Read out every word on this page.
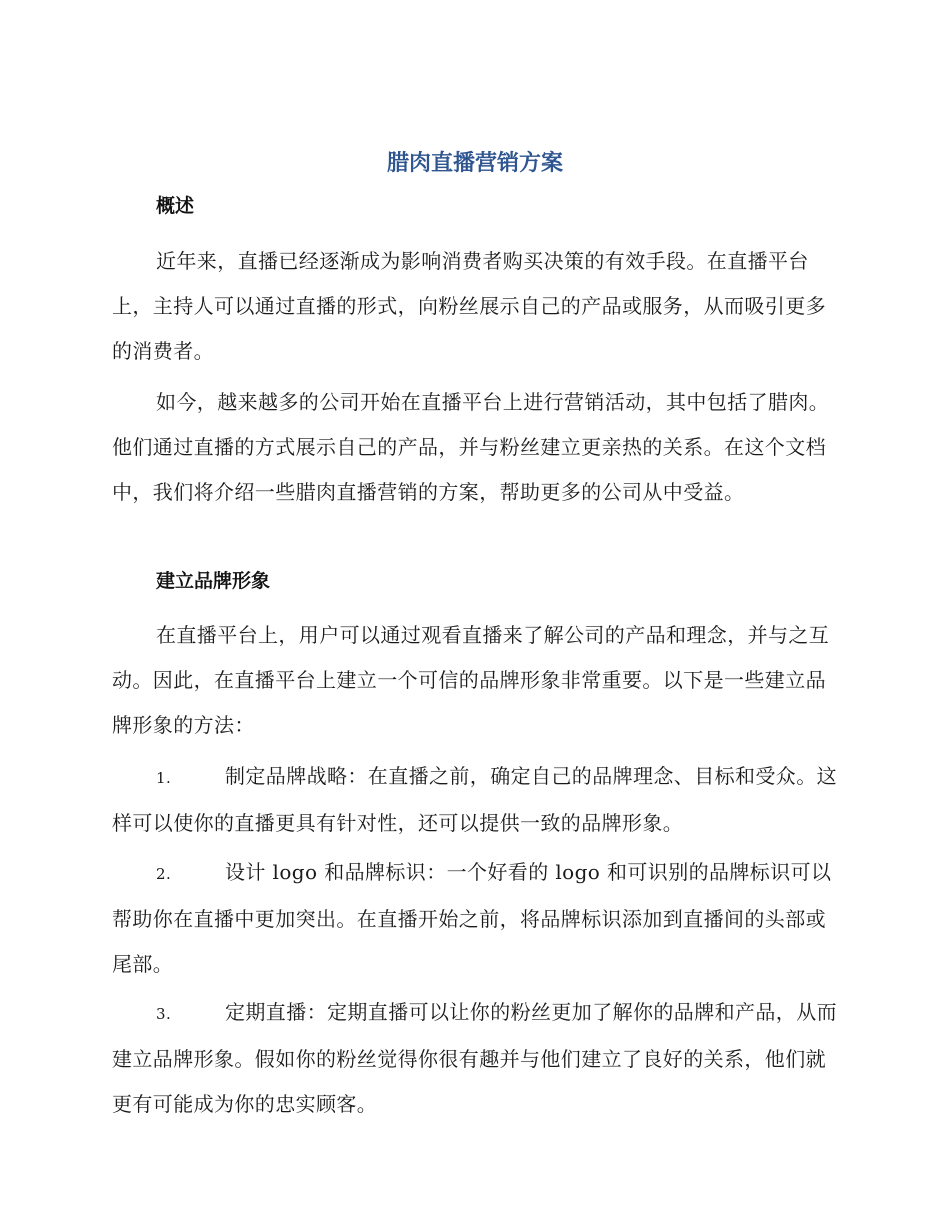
腊肉直播营销方案
概述

近年来，直播已经逐渐成为影响消费者购买决策的有效手段。在直播平台上，主持人可以通过直播的形式，向粉丝展示自己的产品或服务，从而吸引更多的消费者。

如今，越来越多的公司开始在直播平台上进行营销活动，其中包括了腊肉。他们通过直播的方式展示自己的产品，并与粉丝建立更亲热的关系。在这个文档中，我们将介绍一些腊肉直播营销的方案，帮助更多的公司从中受益。

建立品牌形象

在直播平台上，用户可以通过观看直播来了解公司的产品和理念，并与之互动。因此，在直播平台上建立一个可信的品牌形象非常重要。以下是一些建立品牌形象的方法：

1.	制定品牌战略：在直播之前，确定自己的品牌理念、目标和受众。这样可以使你的直播更具有针对性，还可以提供一致的品牌形象。

2.	设计 logo 和品牌标识：一个好看的 logo 和可识别的品牌标识可以帮助你在直播中更加突出。在直播开始之前，将品牌标识添加到直播间的头部或尾部。

3.	定期直播：定期直播可以让你的粉丝更加了解你的品牌和产品，从而建立品牌形象。假如你的粉丝觉得你很有趣并与他们建立了良好的关系，他们就更有可能成为你的忠实顾客。
